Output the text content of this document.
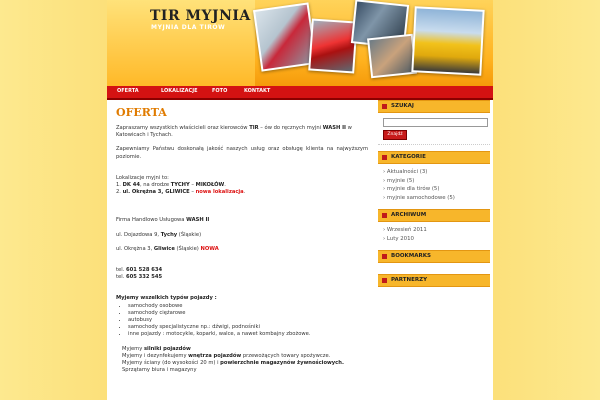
TIR MYJNIA
MYJNIA DLA TIRÓW
OFERTA	LOKALIZACJE	FOTO	KONTAKT
OFERTA

Zapraszamy wszystkich właścicieli oraz kierowców TIR – ów do ręcznych myjni WASH II w Katowicach i Tychach.

Zapewniamy Państwu doskonałą jakość naszych usług oraz obsługę klienta na najwyższym poziomie.

Lokalizacje myjni to:

1. DK 44, na drodze TYCHY – MIKOŁÓW.

2. ul. Okrężna 3, GLIWICE – nowa lokalizacja.

Firma Handlowo Usługowa WASH II

ul. Dojazdowa 9, Tychy (Śląskie)

ul. Okrężna 3, Gliwice (Śląskie) NOWA

tel. 601 528 634

tel. 605 332 545

Myjemy wszelkich typów pojazdy :

• samochody osobowe
• samochody ciężarowe
• autobusy
• samochody specjalistyczne np.: dźwigi, podnośniki
• inne pojazdy : motocykle, koparki, walce, a nawet kombajny zbożowe.

Myjemy silniki pojazdów

Myjemy i dezynfekujemy wnętrza pojazdów przewożących towary spożywcze.

Myjemy ściany (do wysokości 20 m) i powierzchnie magazynów żywnościowych.

Sprzątamy biura i magazyny

SZUKAJ
Znajdź
KATEGORIE
› Aktualności (3)
› myjnie (5)
› myjnie dla tirów (5)
› myjnie samochodowe (5)
ARCHIWUM
› Wrzesień 2011
› Luty 2010
BOOKMARKS
PARTNERZY
